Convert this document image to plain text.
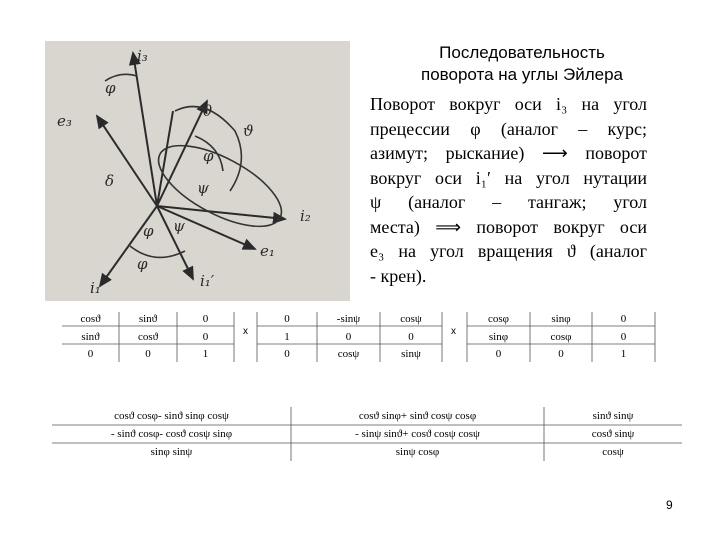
i₃
φ
e₃
θ
ϑ
φ
ψ
i₂
e₁
φ ψ
i₁	i₁′
φ
δ
Последовательность
поворота на углы Эйлера
Поворот вокруг оси i₃ на угол
прецессии φ (аналог – курс;
азимут; рыскание) ⟶ поворот
вокруг оси i₁′ на угол нутации
ψ (аналог – тангаж; угол
места) ⟹ поворот вокруг оси
e₃ на угол вращения ϑ (аналог
- крен).
cosϑ	sinϑ	0
sinϑ	cosϑ	0
0	0	1
x
0	-sinψ	cosψ
1	0	0
0	cosψ	sinψ
x
cosφ	sinφ	0
sinφ	cosφ	0
0	0	1
cosϑ cosφ- sinϑ sinφ cosψ	cosϑ sinφ+ sinϑ cosψ cosφ	sinϑ sinψ
- sinϑ cosφ- cosϑ cosψ sinφ	- sinψ sinϑ+ cosϑ cosψ cosψ	cosϑ sinψ
sinφ sinψ	sinψ cosφ	cosψ
9
